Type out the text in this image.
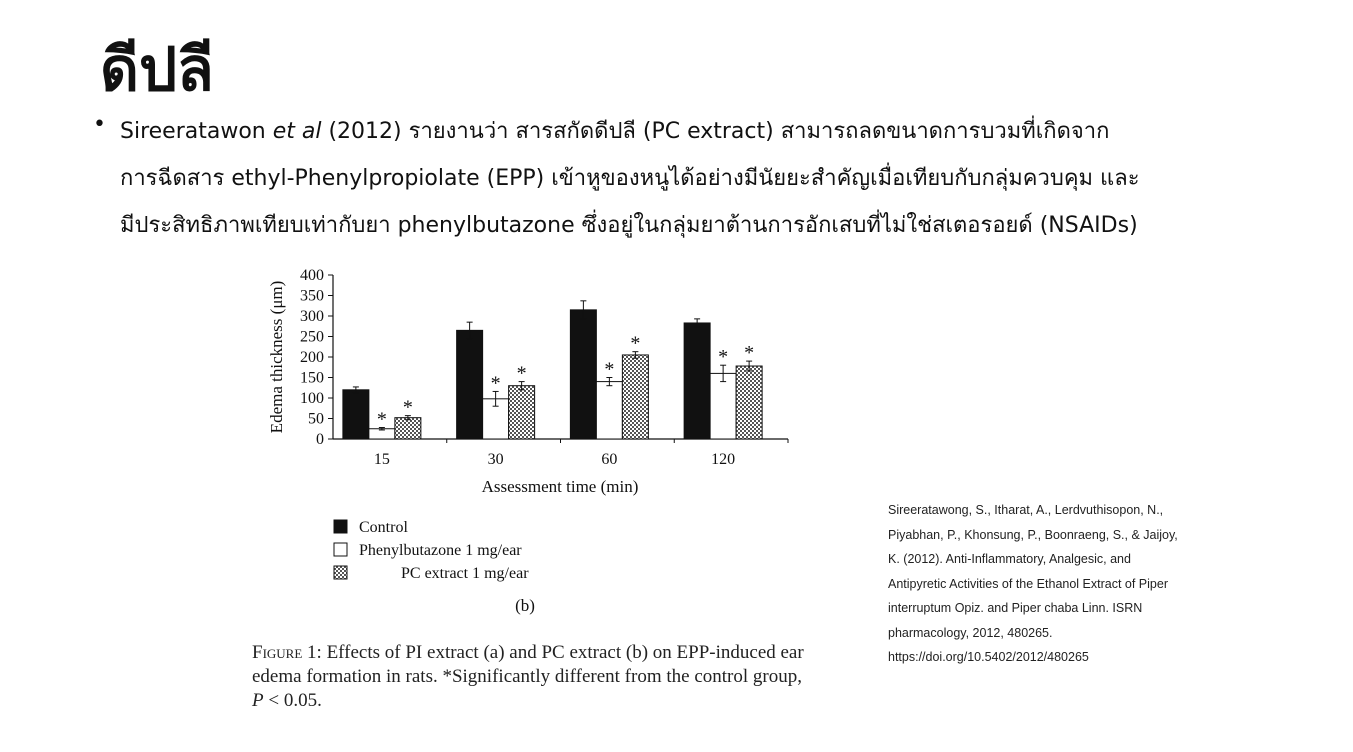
ดีปลี
• Sireeratawon et al (2012) รายงานว่า สารสกัดดีปลี (PC extract) สามารถลดขนาดการบวมที่เกิดจาก
การฉีดสาร ethyl-Phenylpropiolate (EPP) เข้าหูของหนูได้อย่างมีนัยยะสำคัญเมื่อเทียบกับกลุ่มควบคุม และ
มีประสิทธิภาพเทียบเท่ากับยา phenylbutazone ซึ่งอยู่ในกลุ่มยาต้านการอักเสบที่ไม่ใช่สเตอรอยด์ (NSAIDs)
0
50
100
150
200
250
300
350
400
15	30	60	120
*
*
* *	*
*
* *
Control
Phenylbutazone 1 mg/ear
PC extract 1 mg/ear
Assessment time (min)
Edema thickness (μm)
(b)
Figure 1: Effects of PI extract (a) and PC extract (b) on EPP-induced ear edema formation in rats. *Significantly different from the control group, P < 0.05.
Sireeratawong, S., Itharat, A., Lerdvuthisopon, N., Piyabhan, P., Khonsung, P., Boonraeng, S., & Jaijoy, K. (2012). Anti-Inflammatory, Analgesic, and Antipyretic Activities of the Ethanol Extract of Piper interruptum Opiz. and Piper chaba Linn. ISRN pharmacology, 2012, 480265. https://doi.org/10.5402/2012/480265
